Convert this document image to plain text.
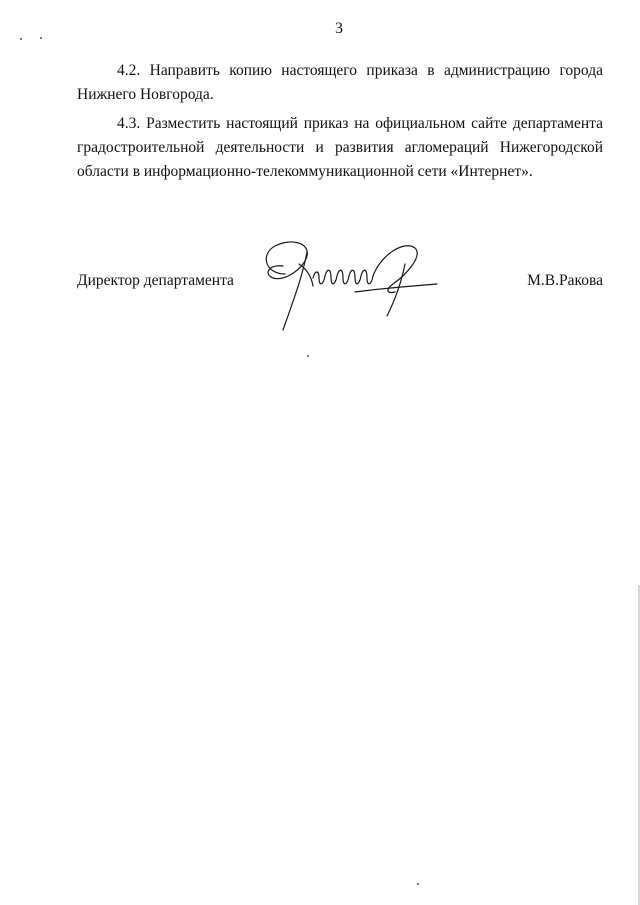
3

4.2. Направить копию настоящего приказа в администрацию города Нижнего Новгорода.

4.3. Разместить настоящий приказ на официальном сайте департамента градостроительной деятельности и развития агломераций Нижегородской области в информационно-телекоммуникационной сети «Интернет».

Директор департамента	М.В.Ракова
